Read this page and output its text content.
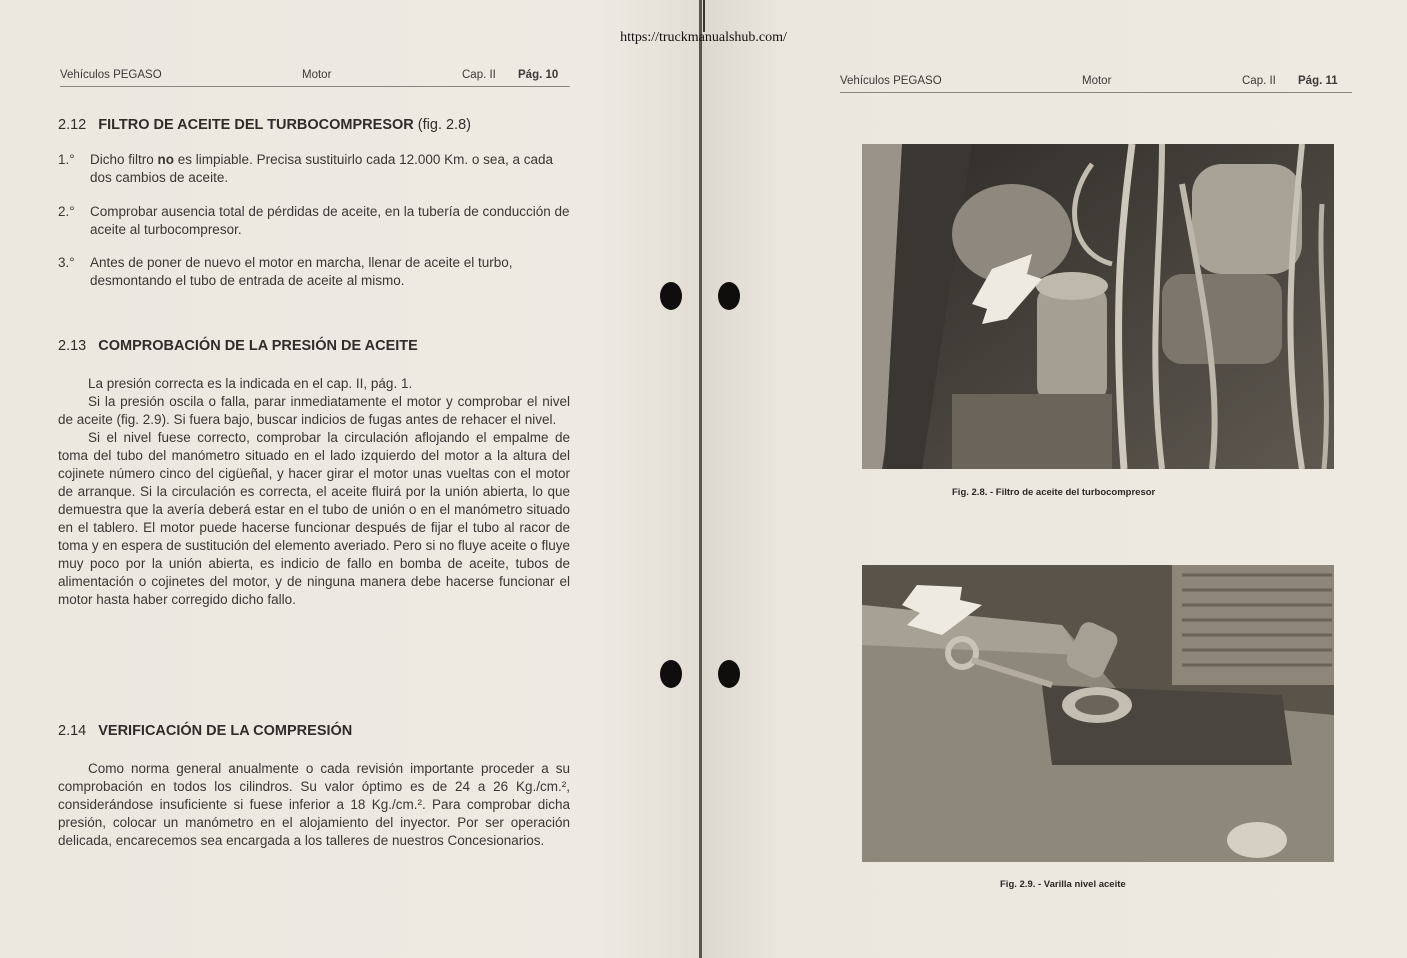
https://truckmanualshub.com/
Vehículos PEGASO	Motor	Cap. II Pág. 10
2.12 FILTRO DE ACEITE DEL TURBOCOMPRESOR (fig. 2.8)
1.° Dicho filtro no es limpiable. Precisa sustituirlo cada 12.000 Km. o sea, a cada dos cambios de aceite.
2.° Comprobar ausencia total de pérdidas de aceite, en la tubería de conducción de aceite al turbocompresor.
3.° Antes de poner de nuevo el motor en marcha, llenar de aceite el turbo, desmontando el tubo de entrada de aceite al mismo.
2.13 COMPROBACIÓN DE LA PRESIÓN DE ACEITE

La presión correcta es la indicada en el cap. II, pág. 1.

Si la presión oscila o falla, parar inmediatamente el motor y comprobar el nivel de aceite (fig. 2.9). Si fuera bajo, buscar indicios de fugas antes de rehacer el nivel.

Si el nivel fuese correcto, comprobar la circulación aflojando el empalme de toma del tubo del manómetro situado en el lado izquierdo del motor a la altura del cojinete número cinco del cigüeñal, y hacer girar el motor unas vueltas con el motor de arranque. Si la circulación es correcta, el aceite fluirá por la unión abierta, lo que demuestra que la avería deberá estar en el tubo de unión o en el manómetro situado en el tablero. El motor puede hacerse funcionar después de fijar el tubo al racor de toma y en espera de sustitución del elemento averiado. Pero si no fluye aceite o fluye muy poco por la unión abierta, es indicio de fallo en bomba de aceite, tubos de alimentación o cojinetes del motor, y de ninguna manera debe hacerse funcionar el motor hasta haber corregido dicho fallo.

2.14 VERIFICACIÓN DE LA COMPRESIÓN

Como norma general anualmente o cada revisión importante proceder a su comprobación en todos los cilindros. Su valor óptimo es de 24 a 26 Kg./cm.², considerándose insuficiente si fuese inferior a 18 Kg./cm.². Para comprobar dicha presión, colocar un manómetro en el alojamiento del inyector. Por ser operación delicada, encarecemos sea encargada a los talleres de nuestros Concesionarios.

Vehículos PEGASO	Motor	Cap. II Pág. 11
Fig. 2.8. - Filtro de aceite del turbocompresor
Fig. 2.9. - Varilla nivel aceite
